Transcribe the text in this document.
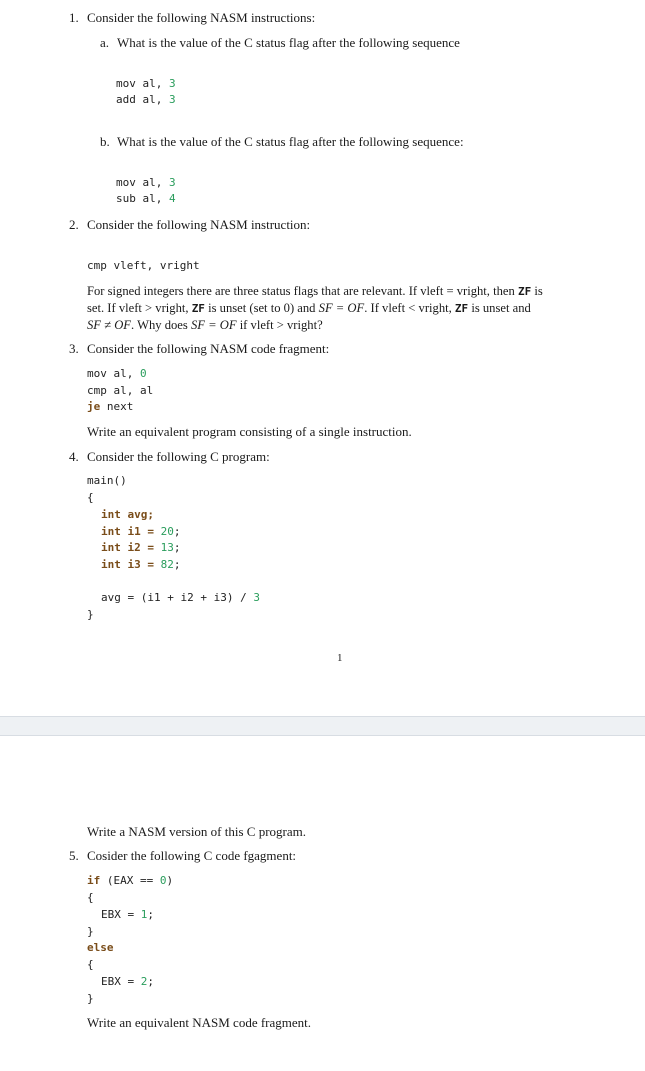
1. Consider the following NASM instructions:
a. What is the value of the C status flag after the following sequence
mov al, 3
add al, 3
b. What is the value of the C status flag after the following sequence:
mov al, 3
sub al, 4
2. Consider the following NASM instruction:
cmp vleft, vright
For signed integers there are three status flags that are relevant. If vleft = vright, then ZF is
set. If vleft > vright, ZF is unset (set to 0) and SF = OF. If vleft < vright, ZF is unset and
SF ≠ OF. Why does SF = OF if vleft > vright?
3. Consider the following NASM code fragment:
mov al, 0
cmp al, al
je next
Write an equivalent program consisting of a single instruction.
4. Consider the following C program:
main()
{
int avg;
int i1 = 20;
int i2 = 13;
int i3 = 82;
avg = (i1 + i2 + i3) / 3
}
1
Write a NASM version of this C program.
5. Cosider the following C code fgagment:
if (EAX == 0)
{
EBX = 1;
}
else
{
EBX = 2;
}
Write an equivalent NASM code fragment.
